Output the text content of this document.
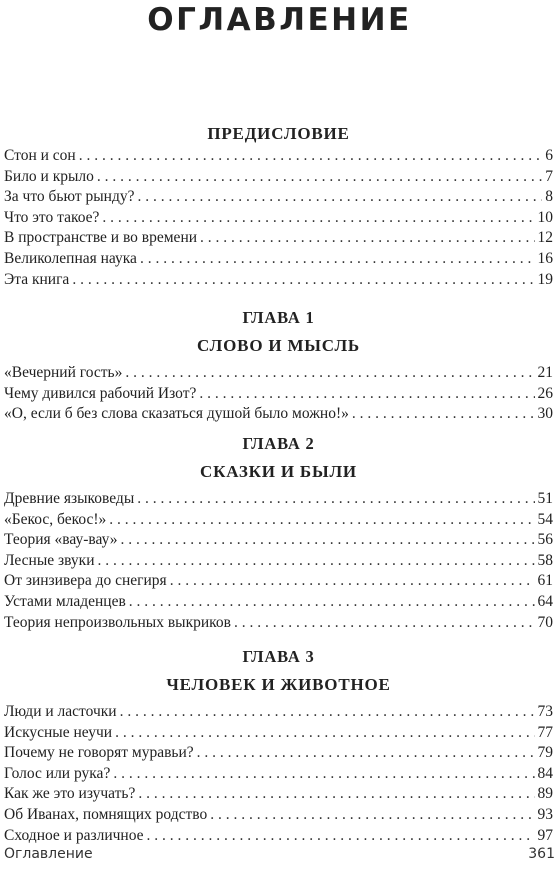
ОГЛАВЛЕНИЕ
ПРЕДИСЛОВИЕ
Стон и сон . . .	6
Било и крыло . . .	7
За что бьют рынду? . . .	8
Что это такое? . . .	10
В пространстве и во времени . . .	12
Великолепная наука . . .	16
Эта книга . . .	19
ГЛАВА 1
СЛОВО И МЫСЛЬ
«Вечерний гость» . . .	21
Чему дивился рабочий Изот? . . .	26
«О, если б без слова сказаться душой было можно!» . . .	30
ГЛАВА 2
СКАЗКИ И БЫЛИ
Древние языковеды . . .	51
«Бекос, бекос!» . . .	54
Теория «вау-вау» . . .	56
Лесные звуки . . .	58
От зинзивера до снегиря . . .	61
Устами младенцев . . .	64
Теория непроизвольных выкриков . . .	70
ГЛАВА 3
ЧЕЛОВЕК И ЖИВОТНОЕ
Люди и ласточки . . .	73
Искусные неучи . . .	77
Почему не говорят муравьи? . . .	79
Голос или рука? . . .	84
Как же это изучать? . . .	89
Об Иванах, помнящих родство . . .	93
Сходное и различное . . .	97
Оглавление	361
